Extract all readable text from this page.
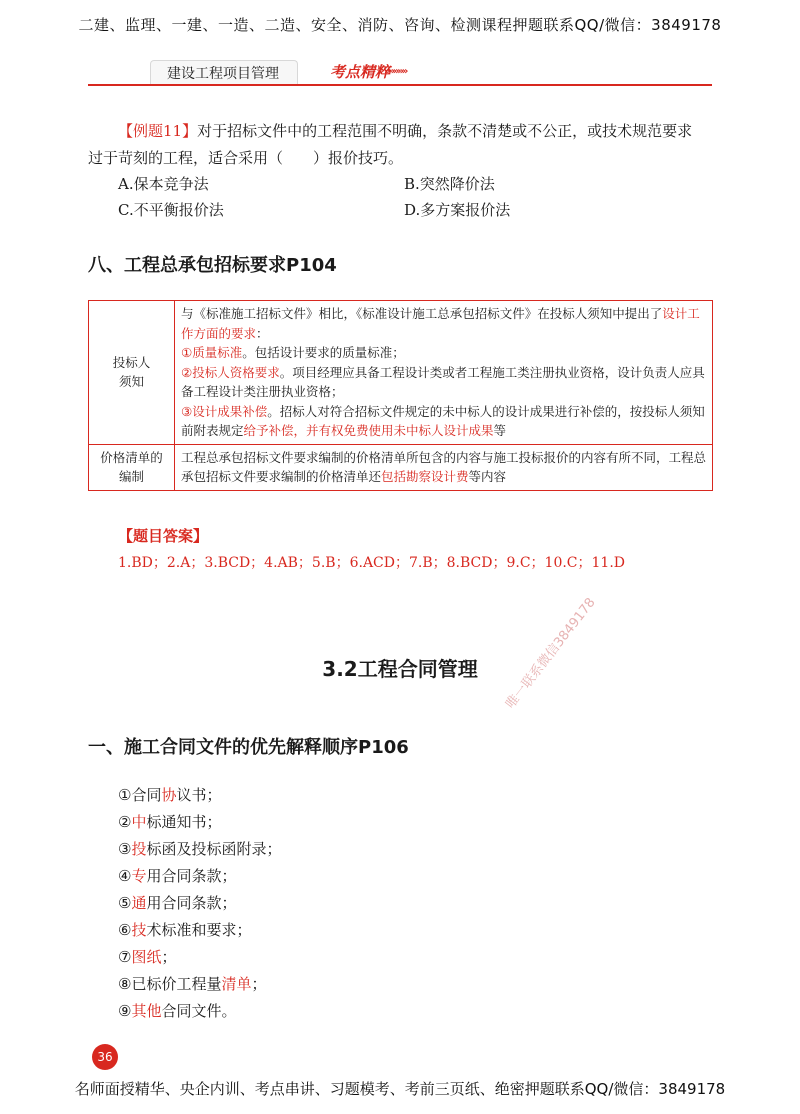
二建、监理、一建、一造、二造、安全、消防、咨询、检测课程押题联系QQ/微信：3849178
建设工程项目管理	考点精粹
»»»»»
【例题11】对于招标文件中的工程范围不明确，条款不清楚或不公正，或技术规范要求
过于苛刻的工程，适合采用（　　）报价技巧。
A.保本竞争法	B.突然降价法
C.不平衡报价法	D.多方案报价法
八、工程总承包招标要求P104
投标人
须知	与《标准施工招标文件》相比，《标准设计施工总承包招标文件》在投标人须知中提出了设计工作方面的要求：
①质量标准。包括设计要求的质量标准；
②投标人资格要求。项目经理应具备工程设计类或者工程施工类注册执业资格，设计负责人应具备工程设计类注册执业资格；
③设计成果补偿。招标人对符合招标文件规定的未中标人的设计成果进行补偿的，按投标人须知前附表规定给予补偿，并有权免费使用未中标人设计成果等
价格清单的
编制	工程总承包招标文件要求编制的价格清单所包含的内容与施工投标报价的内容有所不同，工程总承包招标文件要求编制的价格清单还包括勘察设计费等内容
【题目答案】
1.BD；2.A；3.BCD；4.AB；5.B；6.ACD；7.B；8.BCD；9.C；10.C；11.D
3.2工程合同管理	唯一联系微信3849178
一、施工合同文件的优先解释顺序P106
①合同协议书；
②中标通知书；
③投标函及投标函附录；
④专用合同条款；
⑤通用合同条款；
⑥技术标准和要求；
⑦图纸；
⑧已标价工程量清单；
⑨其他合同文件。
36
名师面授精华、央企内训、考点串讲、习题模考、考前三页纸、绝密押题联系QQ/微信：3849178
